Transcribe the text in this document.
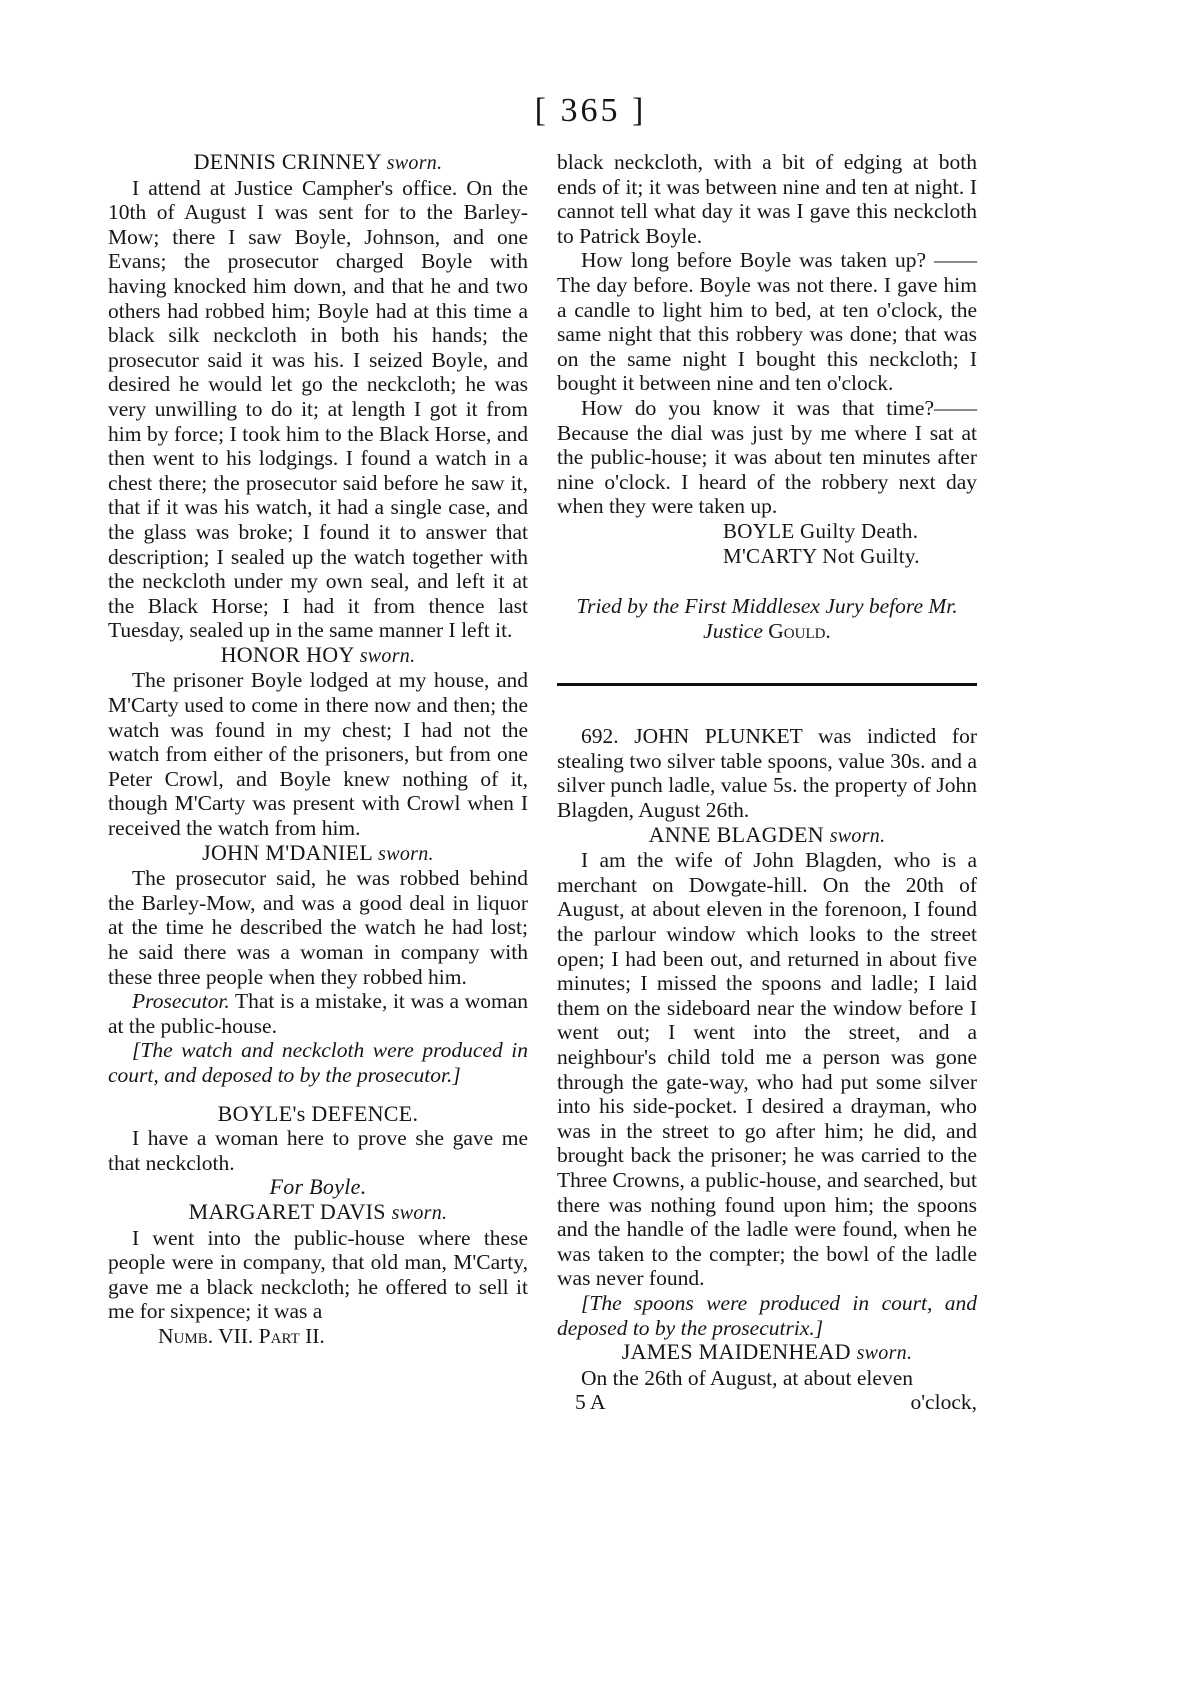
[ 365 ]
DENNIS CRINNEY sworn.

I attend at Justice Campher's office. On the 10th of August I was sent for to the Barley-Mow; there I saw Boyle, Johnson, and one Evans; the prosecutor charged Boyle with having knocked him down, and that he and two others had robbed him; Boyle had at this time a black silk neckcloth in both his hands; the prosecutor said it was his. I seized Boyle, and desired he would let go the neckcloth; he was very unwilling to do it; at length I got it from him by force; I took him to the Black Horse, and then went to his lodgings. I found a watch in a chest there; the prosecutor said before he saw it, that if it was his watch, it had a single case, and the glass was broke; I found it to answer that description; I sealed up the watch together with the neckcloth under my own seal, and left it at the Black Horse; I had it from thence last Tuesday, sealed up in the same manner I left it.

HONOR HOY sworn.

The prisoner Boyle lodged at my house, and M'Carty used to come in there now and then; the watch was found in my chest; I had not the watch from either of the prisoners, but from one Peter Crowl, and Boyle knew nothing of it, though M'Carty was present with Crowl when I received the watch from him.

JOHN M'DANIEL sworn.

The prosecutor said, he was robbed behind the Barley-Mow, and was a good deal in liquor at the time he described the watch he had lost; he said there was a woman in company with these three people when they robbed him.

Prosecutor. That is a mistake, it was a woman at the public-house.

[The watch and neckcloth were produced in court, and deposed to by the prosecutor.]

BOYLE's DEFENCE.

I have a woman here to prove she gave me that neckcloth.

For Boyle.
MARGARET DAVIS sworn.

I went into the public-house where these people were in company, that old man, M'Carty, gave me a black neckcloth; he offered to sell it me for sixpence; it was a

Numb. VII. Part II.

black neckcloth, with a bit of edging at both ends of it; it was between nine and ten at night. I cannot tell what day it was I gave this neckcloth to Patrick Boyle.

How long before Boyle was taken up? ——The day before. Boyle was not there. I gave him a candle to light him to bed, at ten o'clock, the same night that this robbery was done; that was on the same night I bought this neckcloth; I bought it between nine and ten o'clock.

How do you know it was that time?—— Because the dial was just by me where I sat at the public-house; it was about ten minutes after nine o'clock. I heard of the robbery next day when they were taken up.

BOYLE Guilty Death.

M'CARTY Not Guilty.

Tried by the First Middlesex Jury before Mr.
Justice Gould.

692. JOHN PLUNKET was indicted for stealing two silver table spoons, value 30s. and a silver punch ladle, value 5s. the property of John Blagden, August 26th.

ANNE BLAGDEN sworn.

I am the wife of John Blagden, who is a merchant on Dowgate-hill. On the 20th of August, at about eleven in the forenoon, I found the parlour window which looks to the street open; I had been out, and returned in about five minutes; I missed the spoons and ladle; I laid them on the sideboard near the window before I went out; I went into the street, and a neighbour's child told me a person was gone through the gate-way, who had put some silver into his side-pocket. I desired a drayman, who was in the street to go after him; he did, and brought back the prisoner; he was carried to the Three Crowns, a public-house, and searched, but there was nothing found upon him; the spoons and the handle of the ladle were found, when he was taken to the compter; the bowl of the ladle was never found.

[The spoons were produced in court, and deposed to by the prosecutrix.]

JAMES MAIDENHEAD sworn.

On the 26th of August, at about eleven

5 A	o'clock,
